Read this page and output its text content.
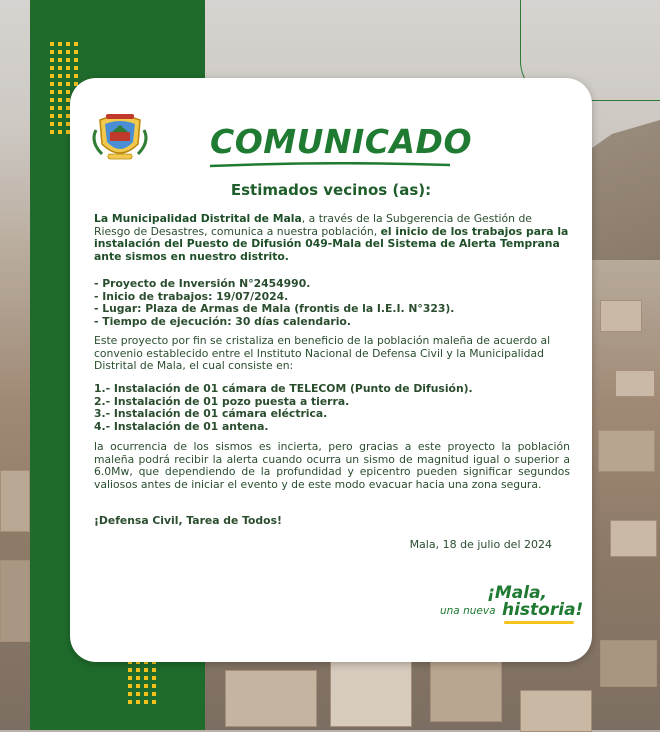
COMUNICADO
Estimados vecinos (as):
La Municipalidad Distrital de Mala, a través de la Subgerencia de Gestión de Riesgo de Desastres, comunica a nuestra población, el inicio de los trabajos para la instalación del Puesto de Difusión 049-Mala del Sistema de Alerta Temprana ante sismos en nuestro distrito.
- Proyecto de Inversión N°2454990.
- Inicio de trabajos: 19/07/2024.
- Lugar: Plaza de Armas de Mala (frontis de la I.E.I. N°323).
- Tiempo de ejecución: 30 días calendario.
Este proyecto por fin se cristaliza en beneficio de la población maleña de acuerdo al convenio establecido entre el Instituto Nacional de Defensa Civil y la Municipalidad Distrital de Mala, el cual consiste en:
1.- Instalación de 01 cámara de TELECOM (Punto de Difusión).
2.- Instalación de 01 pozo puesta a tierra.
3.- Instalación de 01 cámara eléctrica.
4.- Instalación de 01 antena.
la ocurrencia de los sismos es incierta, pero gracias a este proyecto la población maleña podrá recibir la alerta cuando ocurra un sismo de magnitud igual o superior a 6.0Mw, que dependiendo de la profundidad y epicentro pueden significar segundos valiosos antes de iniciar el evento y de este modo evacuar hacia una zona segura.
¡Defensa Civil, Tarea de Todos!
Mala, 18 de julio del 2024
¡Mala,
una nueva historia!
